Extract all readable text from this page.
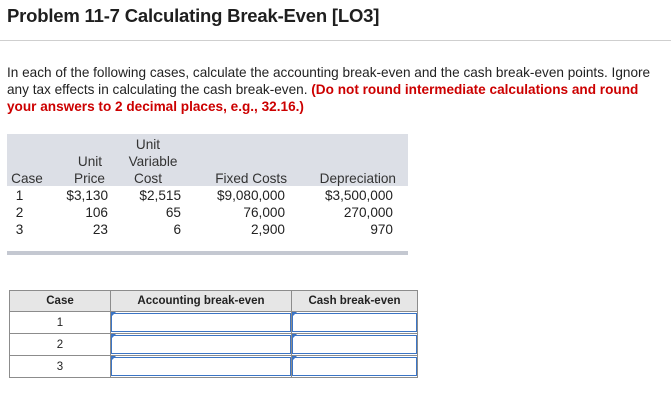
Problem 11-7 Calculating Break-Even [LO3]

In each of the following cases, calculate the accounting break-even and the cash break-even points. Ignore any tax effects in calculating the cash break-even. (Do not round intermediate calculations and round your answers to 2 decimal places, e.g., 32.16.)

Unit
Unit	Variable
Case	Price	Cost	Fixed Costs	Depreciation
1	$3,130	$2,515	$9,080,000	$3,500,000
2	106	65	76,000	270,000
3	23	6	2,900	970
Case	Accounting break-even	Cash break-even
1	

2	

3	
